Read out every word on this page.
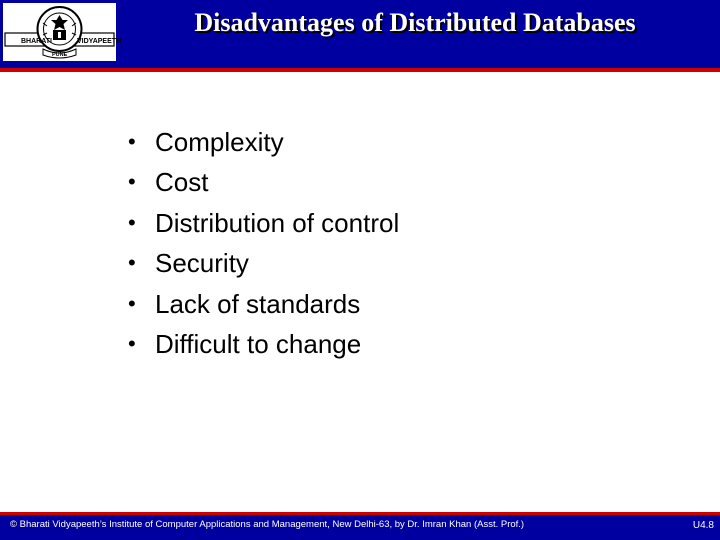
BHARATI	VIDYAPEETH
PUNE
Disadvantages of Distributed Databases
• Complexity
• Cost
• Distribution of control
• Security
• Lack of standards
• Difficult to change
© Bharati Vidyapeeth’s Institute of Computer Applications and Management, New Delhi-63, by Dr. Imran Khan (Asst. Prof.)	U4.8
